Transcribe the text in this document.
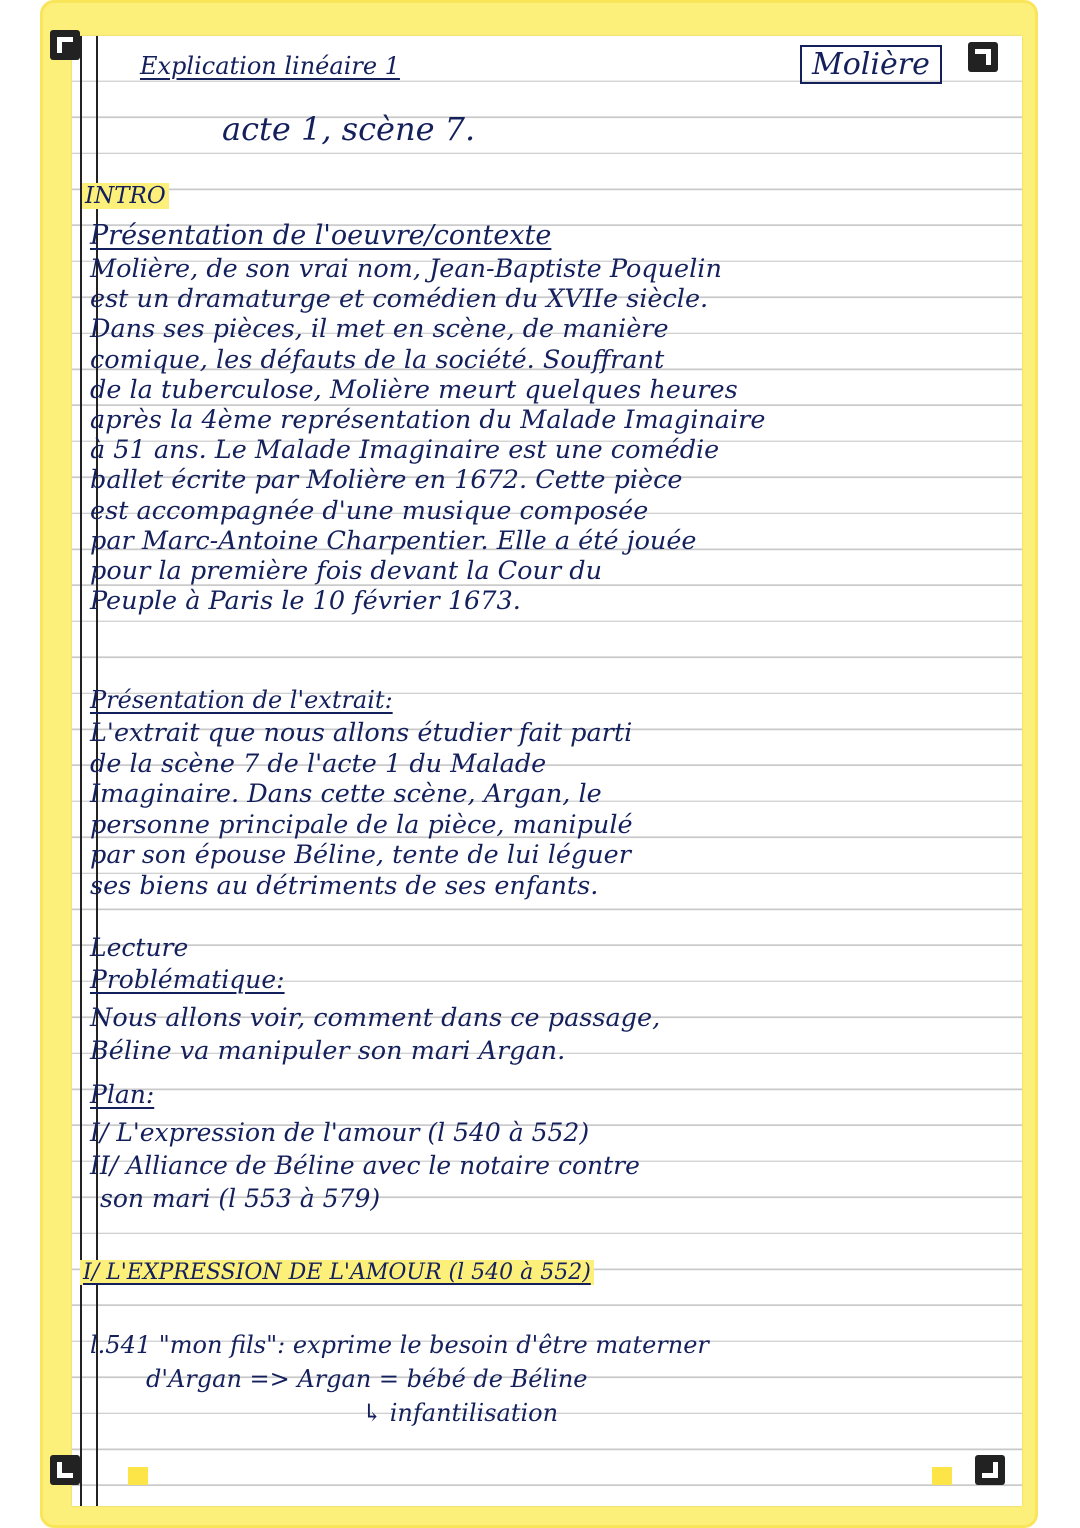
Explication linéaire 1	Molière
acte 1, scène 7.
INTRO
Présentation de l'oeuvre/contexte
Molière, de son vrai nom, Jean-Baptiste Poquelin
est un dramaturge et comédien du XVIIe siècle.
Dans ses pièces, il met en scène, de manière
comique, les défauts de la société. Souffrant
de la tuberculose, Molière meurt quelques heures
après la 4ème représentation du Malade Imaginaire
à 51 ans. Le Malade Imaginaire est une comédie
ballet écrite par Molière en 1672. Cette pièce
est accompagnée d'une musique composée
par Marc-Antoine Charpentier. Elle a été jouée
pour la première fois devant la Cour du
Peuple à Paris le 10 février 1673.
Présentation de l'extrait:
L'extrait que nous allons étudier fait parti
de la scène 7 de l'acte 1 du Malade
Imaginaire. Dans cette scène, Argan, le
personne principale de la pièce, manipulé
par son épouse Béline, tente de lui léguer
ses biens au détriments de ses enfants.
Lecture
Problématique:
Nous allons voir, comment dans ce passage,
Béline va manipuler son mari Argan.
Plan:
I/ L'expression de l'amour (l 540 à 552)
II/ Alliance de Béline avec le notaire contre
son mari (l 553 à 579)
I/ L'EXPRESSION DE L'AMOUR (l 540 à 552)
l.541 "mon fils": exprime le besoin d'être materner
d'Argan => Argan = bébé de Béline
↳ infantilisation
